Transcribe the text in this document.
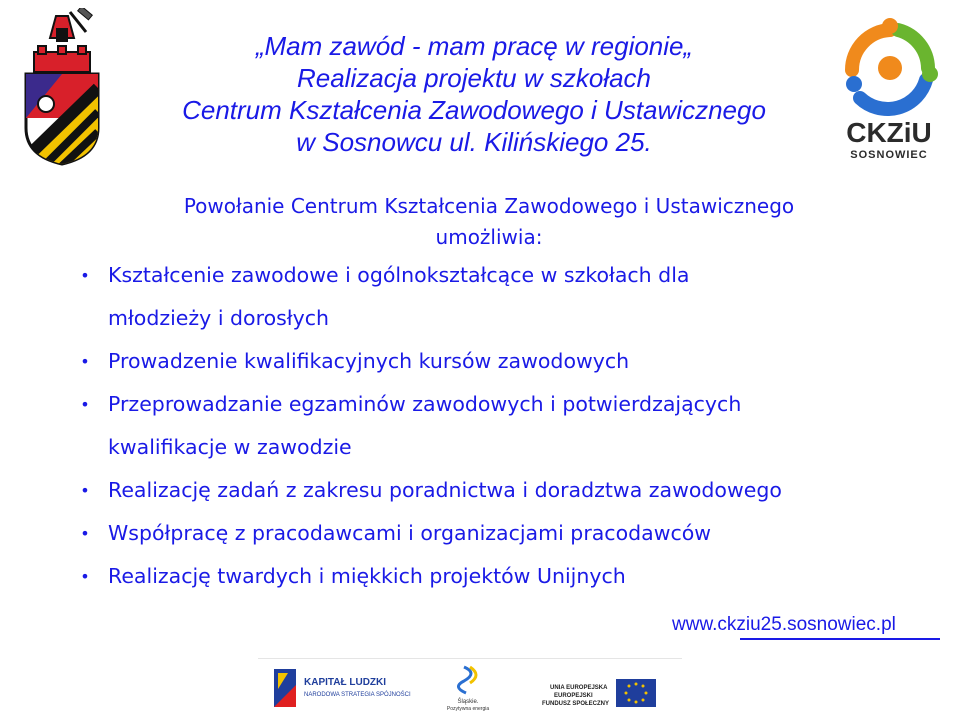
„Mam zawód - mam pracę w regionie„
Realizacja projektu w szkołach
Centrum Kształcenia Zawodowego i Ustawicznego
w Sosnowcu ul. Kilińskiego 25.	CKZiU
SOSNOWIEC
Powołanie Centrum Kształcenia Zawodowego i Ustawicznego
umożliwia:
• Kształcenie zawodowe i ogólnokształcące w szkołach dla
młodzieży i dorosłych
• Prowadzenie kwalifikacyjnych kursów zawodowych
• Przeprowadzanie egzaminów zawodowych i potwierdzających
kwalifikacje w zawodzie
• Realizację zadań z zakresu poradnictwa i doradztwa zawodowego
• Współpracę z pracodawcami i organizacjami pracodawców
• Realizację twardych i miękkich projektów Unijnych
www.ckziu25.sosnowiec.pl
KAPITAŁ LUDZKI
NARODOWA STRATEGIA SPÓJNOŚCI
Śląskie.
Pozytywna energia
UNIA EUROPEJSKA
EUROPEJSKI
FUNDUSZ SPOŁECZNY
